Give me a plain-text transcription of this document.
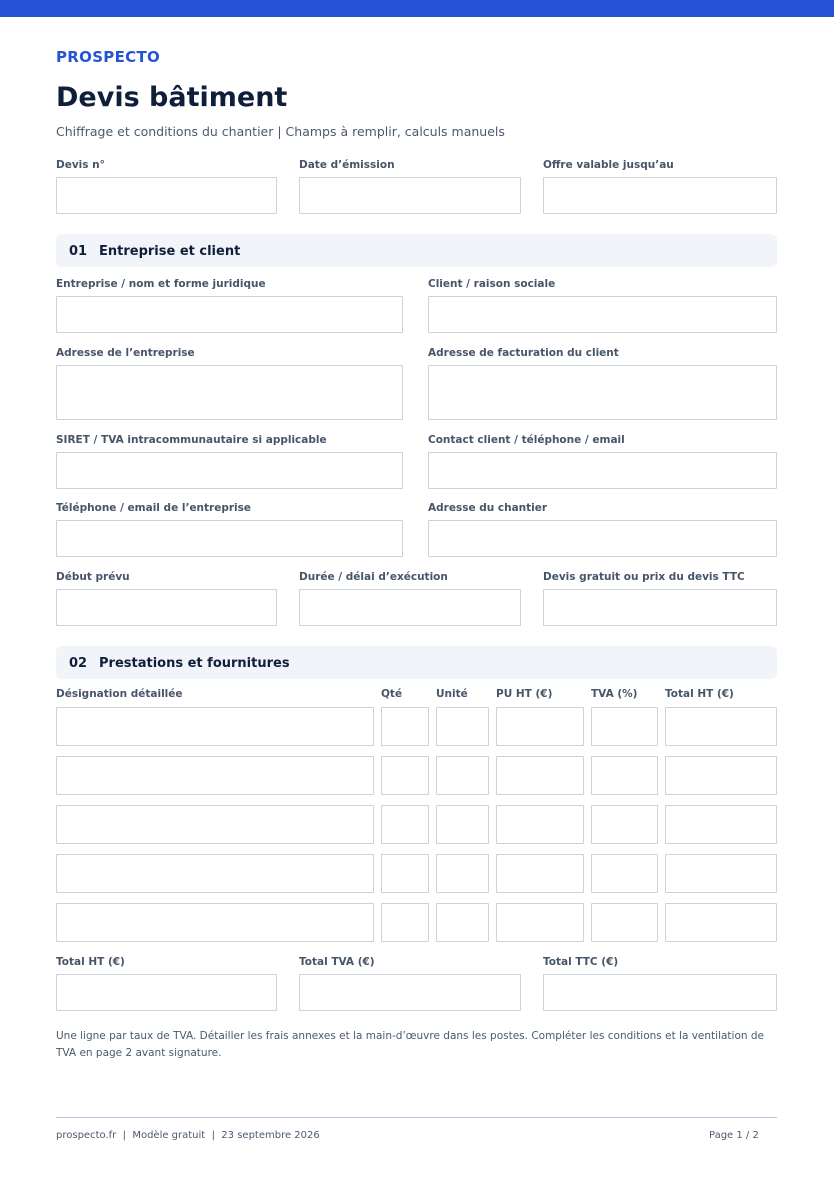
PROSPECTO
Devis bâtiment
Chiffrage et conditions du chantier | Champs à remplir, calculs manuels
Devis n°	Date d’émission	Offre valable jusqu’au
01 Entreprise et client
Entreprise / nom et forme juridique	Client / raison sociale
Adresse de l’entreprise	Adresse de facturation du client
SIRET / TVA intracommunautaire si applicable	Contact client / téléphone / email
Téléphone / email de l’entreprise	Adresse du chantier
Début prévu	Durée / délai d’exécution	Devis gratuit ou prix du devis TTC
02 Prestations et fournitures
Désignation détaillée	Qté	Unité	PU HT (€)	TVA (%)	Total HT (€)
Total HT (€)	Total TVA (€)	Total TTC (€)
Une ligne par taux de TVA. Détailler les frais annexes et la main-d’œuvre dans les postes. Compléter les conditions et la ventilation de TVA en page 2 avant signature.
prospecto.fr  |  Modèle gratuit  |  23 septembre 2026	Page 1 / 2
